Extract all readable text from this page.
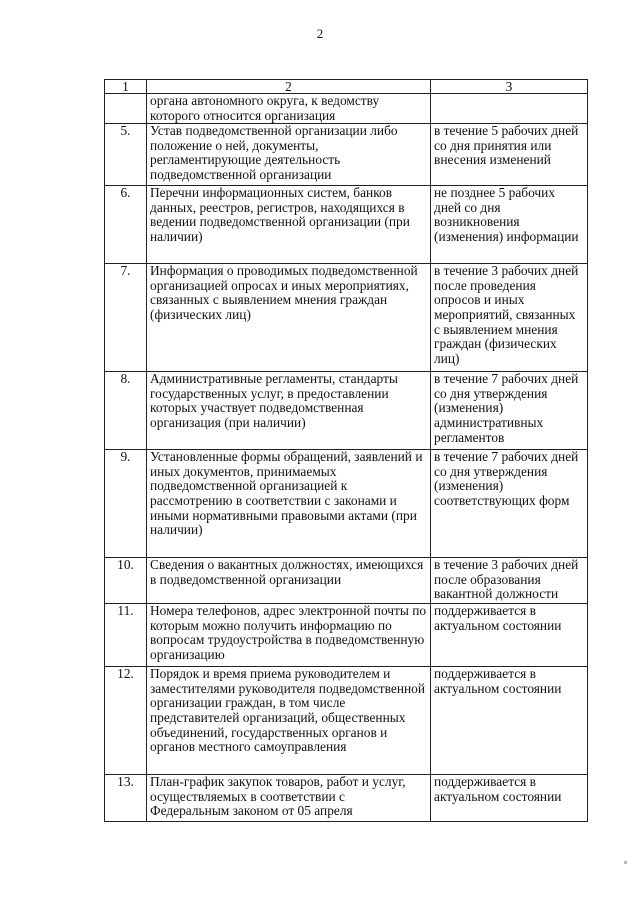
2
1	2	3
	органа автономного округа, к ведомству которого относится организация	
5.	Устав подведомственной организации либо положение о ней, документы, регламентирующие деятельность подведомственной организации	в течение 5 рабочих дней со дня принятия или внесения изменений
6.	Перечни информационных систем, банков данных, реестров, регистров, находящихся в ведении подведомственной организации (при наличии)	не позднее 5 рабочих дней со дня возникновения (изменения) информации
7.	Информация о проводимых подведомственной организацией опросах и иных мероприятиях, связанных с выявлением мнения граждан (физических лиц)	в течение 3 рабочих дней после проведения опросов и иных мероприятий, связанных с выявлением мнения граждан (физических лиц)
8.	Административные регламенты, стандарты государственных услуг, в предоставлении которых участвует подведомственная организация (при наличии)	в течение 7 рабочих дней со дня утверждения (изменения) административных регламентов
9.	Установленные формы обращений, заявлений и иных документов, принимаемых подведомственной организацией к рассмотрению в соответствии с законами и иными нормативными правовыми актами (при наличии)	в течение 7 рабочих дней со дня утверждения (изменения) соответствующих форм
10.	Сведения о вакантных должностях, имеющихся в подведомственной организации	в течение 3 рабочих дней после образования вакантной должности
11.	Номера телефонов, адрес электронной почты по которым можно получить информацию по вопросам трудоустройства в подведомственную организацию	поддерживается в актуальном состоянии
12.	Порядок и время приема руководителем и заместителями руководителя подведомственной организации граждан, в том числе представителей организаций, общественных объединений, государственных органов и органов местного самоуправления	поддерживается в актуальном состоянии
13.	План-график закупок товаров, работ и услуг, осуществляемых в соответствии с Федеральным законом от 05 апреля	поддерживается в актуальном состоянии
